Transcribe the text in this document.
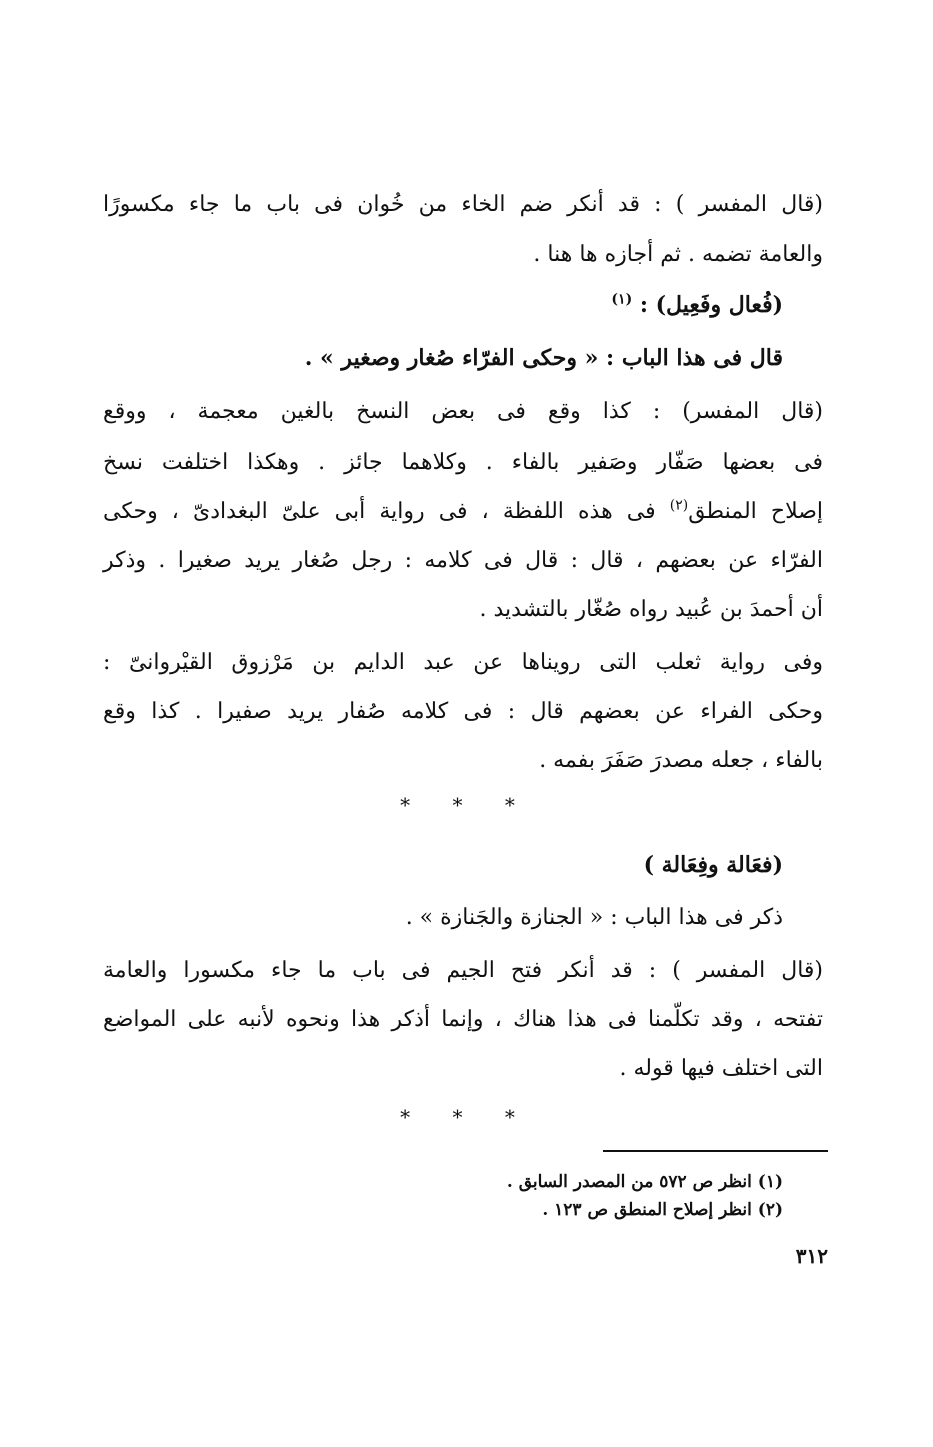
(قال المفسر ) : قد أنكر ضم الخاء من خُوان فى باب ما جاء مكسورًا
والعامة تضمه . ثم أجازه ها هنا .
(فُعال وفَعِيل) : $^{(١)}$
قال فى هذا الباب : « وحكى الفرّاء صُغار وصغير » .
(قال المفسر) : كذا وقع فى بعض النسخ بالغين معجمة ، ووقع
فى بعضها صَفّار وصَفير بالفاء . وكلاهما جائز . وهكذا اختلفت نسخ
إصلاح المنطق$^{(٢)}$ فى هذه اللفظة ، فى رواية أبى علىّ البغدادىّ ، وحكى
الفرّاء عن بعضهم ، قال : قال فى كلامه : رجل صُغار يريد صغيرا . وذكر
أن أحمدَ بن عُبيد رواه صُغّار بالتشديد .
وفى رواية ثعلب التى رويناها عن عبد الدايم بن مَرْزوق القيْروانىّ :
وحكى الفراء عن بعضهم قال : فى كلامه صُفار يريد صفيرا . كذا وقع
بالفاء ، جعله مصدرَ صَفَرَ بفمه .
* * *
(فعَالة وفِعَالة )
ذكر فى هذا الباب : « الجنازة والجَنازة » .
(قال المفسر ) : قد أنكر فتح الجيم فى باب ما جاء مكسورا والعامة
تفتحه ، وقد تكلّمنا فى هذا هناك ، وإنما أذكر هذا ونحوه لأنبه على المواضع
التى اختلف فيها قوله .
* * *
(١) انظر ص ٥٧٢ من المصدر السابق .
(٢) انظر إصلاح المنطق ص ١٢٣ .
٣١٢
